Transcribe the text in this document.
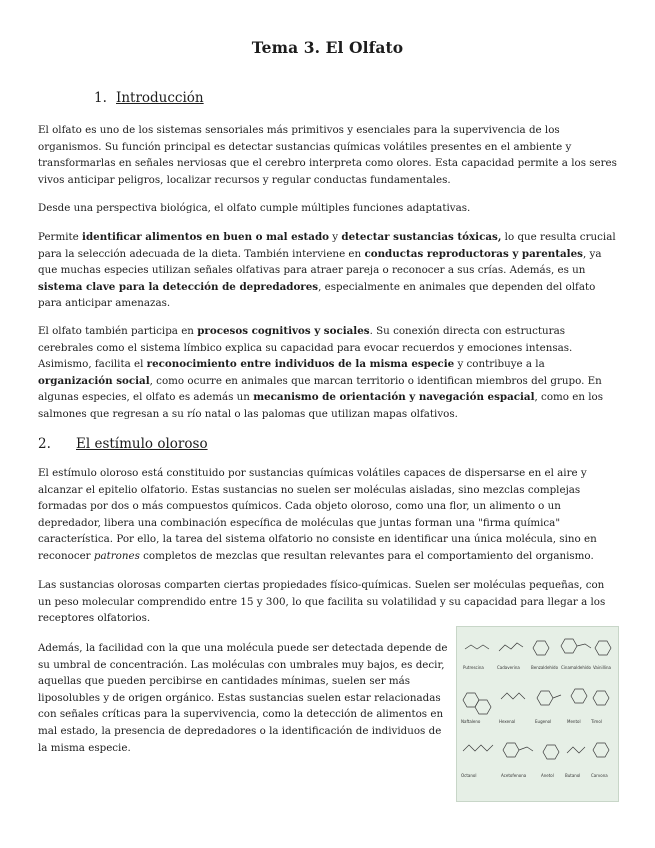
Tema 3. El Olfato
1. Introducción

El olfato es uno de los sistemas sensoriales más primitivos y esenciales para la supervivencia de los organismos. Su función principal es detectar sustancias químicas volátiles presentes en el ambiente y transformarlas en señales nerviosas que el cerebro interpreta como olores. Esta capacidad permite a los seres vivos anticipar peligros, localizar recursos y regular conductas fundamentales.

Desde una perspectiva biológica, el olfato cumple múltiples funciones adaptativas.

Permite identificar alimentos en buen o mal estado y detectar sustancias tóxicas, lo que resulta crucial para la selección adecuada de la dieta. También interviene en conductas reproductoras y parentales, ya que muchas especies utilizan señales olfativas para atraer pareja o reconocer a sus crías. Además, es un sistema clave para la detección de depredadores, especialmente en animales que dependen del olfato para anticipar amenazas.

El olfato también participa en procesos cognitivos y sociales. Su conexión directa con estructuras cerebrales como el sistema límbico explica su capacidad para evocar recuerdos y emociones intensas. Asimismo, facilita el reconocimiento entre individuos de la misma especie y contribuye a la organización social, como ocurre en animales que marcan territorio o identifican miembros del grupo. En algunas especies, el olfato es además un mecanismo de orientación y navegación espacial, como en los salmones que regresan a su río natal o las palomas que utilizan mapas olfativos.

2. El estímulo oloroso

El estímulo oloroso está constituido por sustancias químicas volátiles capaces de dispersarse en el aire y alcanzar el epitelio olfatorio. Estas sustancias no suelen ser moléculas aisladas, sino mezclas complejas formadas por dos o más compuestos químicos. Cada objeto oloroso, como una flor, un alimento o un depredador, libera una combinación específica de moléculas que juntas forman una "firma química" característica. Por ello, la tarea del sistema olfatorio no consiste en identificar una única molécula, sino en reconocer patrones completos de mezclas que resultan relevantes para el comportamiento del organismo.

Las sustancias olorosas comparten ciertas propiedades físico-químicas. Suelen ser moléculas pequeñas, con un peso molecular comprendido entre 15 y 300, lo que facilita su volatilidad y su capacidad para llegar a los receptores olfatorios.

Además, la facilidad con la que una molécula puede ser detectada depende de su umbral de concentración. Las moléculas con umbrales muy bajos, es decir, aquellas que pueden percibirse en cantidades mínimas, suelen ser más liposolubles y de origen orgánico. Estas sustancias suelen estar relacionadas con señales críticas para la supervivencia, como la detección de alimentos en mal estado, la presencia de depredadores o la identificación de individuos de la misma especie.

Putrescina	Cadaverina	Benzaldehído Cinamaldehído Vainillina
Naftaleno	Hexenal	Eugenol	Mentol	Timol
Octanol	Acetofenona	Anetol	Butanol	Carvona
